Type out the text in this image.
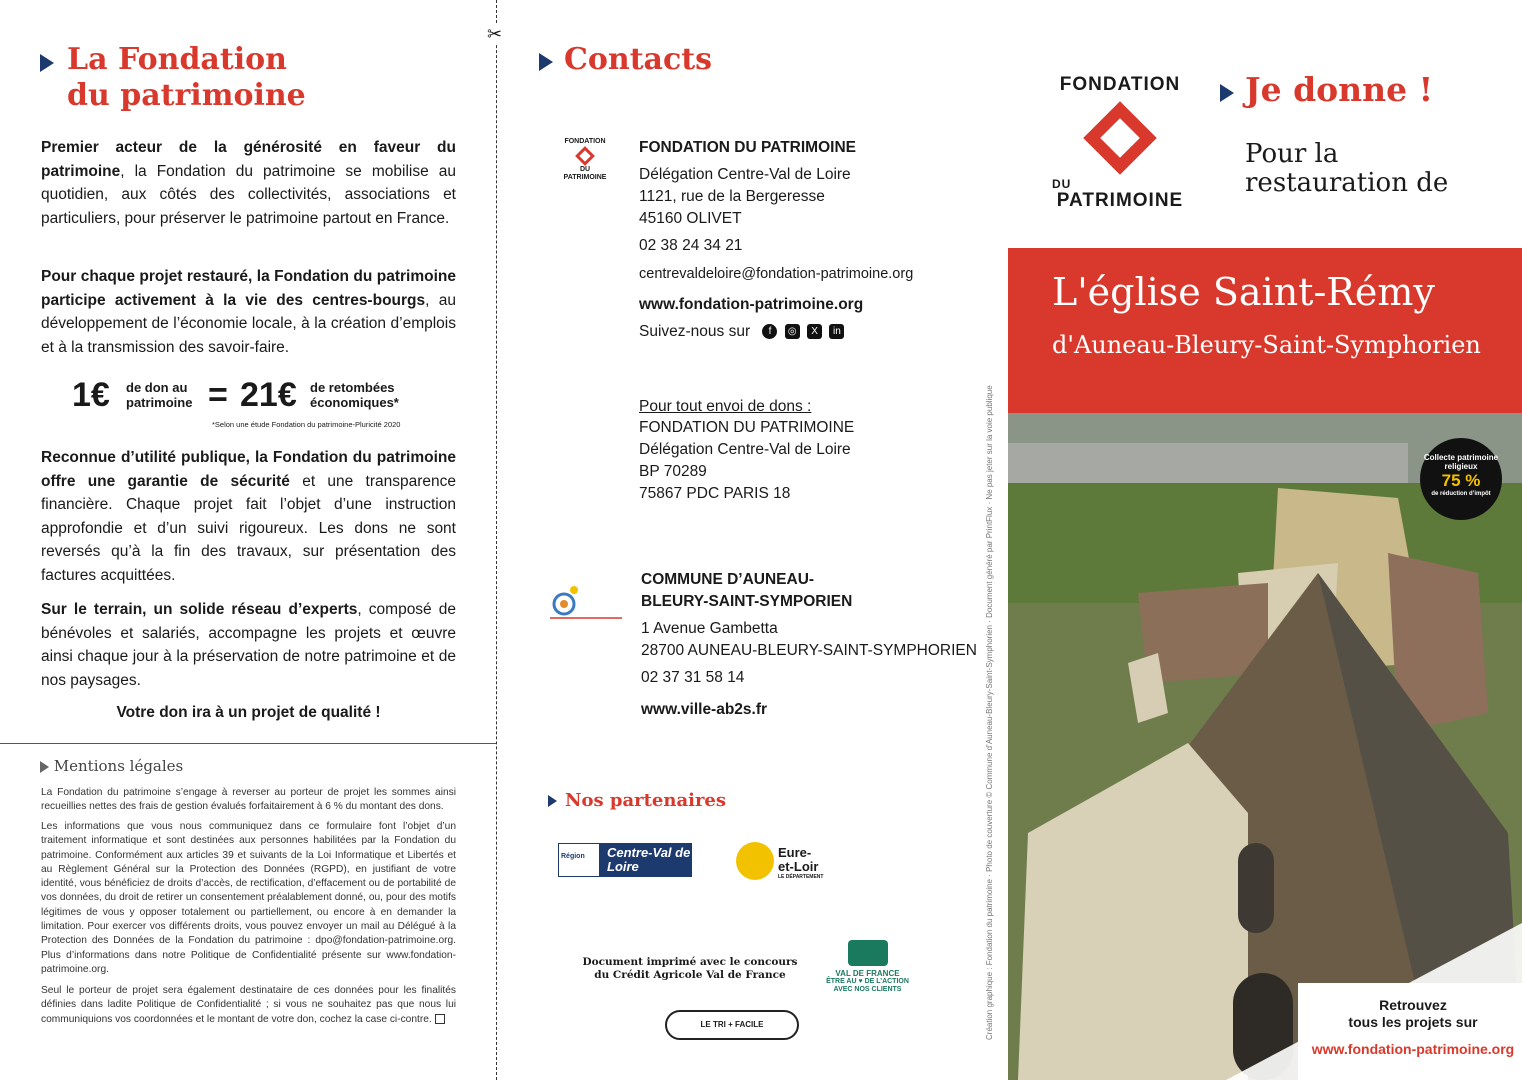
La Fondation
du patrimoine

Premier acteur de la générosité en faveur du patrimoine, la Fondation du patrimoine se mobilise au quotidien, aux côtés des collectivités, associations et particuliers, pour préserver le patrimoine partout en France.

Pour chaque projet restauré, la Fondation du patrimoine participe activement à la vie des centres-bourgs, au développement de l’économie locale, à la création d’emplois et à la transmission des savoir-faire.

1€ de don au patrimoine = 21€ de retombées économiques*
*Selon une étude Fondation du patrimoine-Pluricité 2020

Reconnue d’utilité publique, la Fondation du patrimoine offre une garantie de sécurité et une transparence financière. Chaque projet fait l’objet d’une instruction approfondie et d’un suivi rigoureux. Les dons ne sont reversés qu’à la fin des travaux, sur présentation des factures acquittées.

Sur le terrain, un solide réseau d’experts, composé de bénévoles et salariés, accompagne les projets et œuvre ainsi chaque jour à la préservation de notre patrimoine et de nos paysages.

Votre don ira à un projet de qualité !

Mentions légales

La Fondation du patrimoine s’engage à reverser au porteur de projet les sommes ainsi recueillies nettes des frais de gestion évalués forfaitairement à 6 % du montant des dons.

Les informations que vous nous communiquez dans ce formulaire font l’objet d’un traitement informatique et sont destinées aux personnes habilitées par la Fondation du patrimoine. Conformément aux articles 39 et suivants de la Loi Informatique et Libertés et au Règlement Général sur la Protection des Données (RGPD), en justifiant de votre identité, vous bénéficiez de droits d’accès, de rectification, d’effacement ou de portabilité de vos données, du droit de retirer un consentement préalablement donné, ou, pour des motifs légitimes de vous y opposer totalement ou partiellement, ou encore à en demander la limitation. Pour exercer vos différents droits, vous pouvez envoyer un mail au Délégué à la Protection des Données de la Fondation du patrimoine : dpo@fondation-patrimoine.org. Plus d’informations dans notre Politique de Confidentialité présente sur www.fondation-patrimoine.org.

Seul le porteur de projet sera également destinataire de ces données pour les finalités définies dans ladite Politique de Confidentialité ; si vous ne souhaitez pas que nous lui communiquions vos coordonnées et le montant de votre don, cochez la case ci-contre.

✂
Contacts
FONDATION
DU
PATRIMOINE
FONDATION DU PATRIMOINE
Délégation Centre-Val de Loire
1121, rue de la Bergeresse
45160 OLIVET
02 38 24 34 21
centrevaldeloire@fondation-patrimoine.org
www.fondation-patrimoine.org
Suivez-nous sur f ◎ X in
Pour tout envoi de dons :
FONDATION DU PATRIMOINE
Délégation Centre-Val de Loire
BP 70289
75867 PDC PARIS 18
COMMUNE D’AUNEAU-
BLEURY-SAINT-SYMPORIEN
1 Avenue Gambetta
28700 AUNEAU-BLEURY-SAINT-SYMPHORIEN
02 37 31 58 14
www.ville-ab2s.fr
Nos partenaires
Région Centre-Val de Loire
Eure-
et-Loir
LE DÉPARTEMENT
Document imprimé avec le concours du Crédit Agricole Val de France	VAL DE FRANCE
ÊTRE AU ♥ DE L’ACTION AVEC NOS CLIENTS
LE TRI + FACILE
FONDATION
DU
PATRIMOINE
Je donne !
Pour la
restauration de
L'église Saint-Rémy
d'Auneau-Bleury-Saint-Symphorien
Collecte patrimoine religieux
75 %
de réduction d’impôt
Retrouvez
tous les projets sur
www.fondation-patrimoine.org
Création graphique : Fondation du patrimoine · Photo de couverture © Commune d’Auneau-Bleury-Saint-Symphorien · Document généré par PrintFlux · Ne pas jeter sur la voie publique
